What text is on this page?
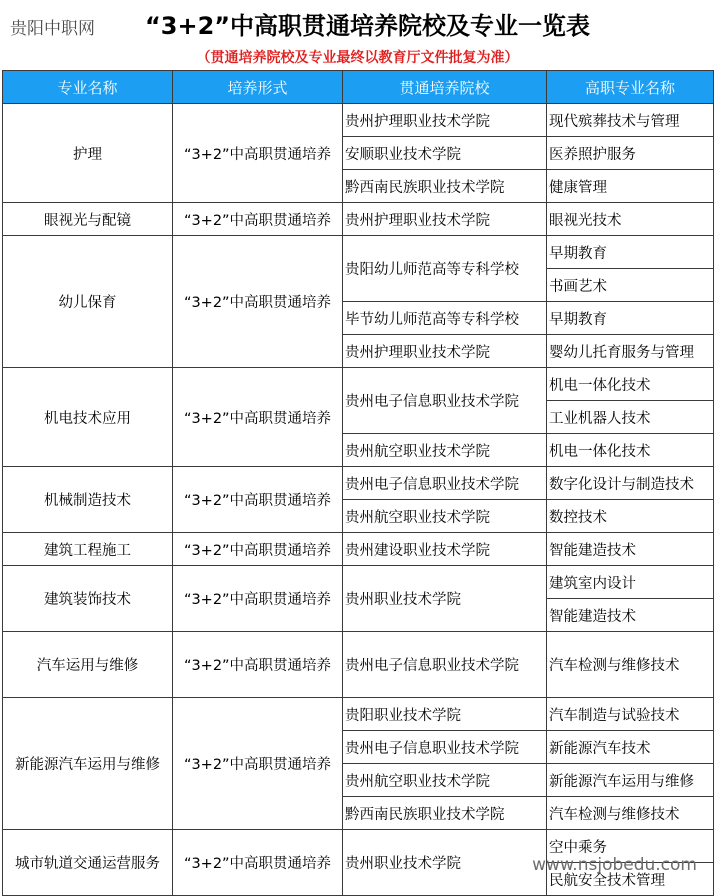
贵阳中职网 “3+2”中高职贯通培养院校及专业一览表
（贯通培养院校及专业最终以教育厅文件批复为准）
专业名称	培养形式	贯通培养院校	高职专业名称
护理	“3+2”中高职贯通培养	贵州护理职业技术学院	现代殡葬技术与管理
		安顺职业技术学院	医养照护服务
		黔西南民族职业技术学院	健康管理
眼视光与配镜	“3+2”中高职贯通培养	贵州护理职业技术学院	眼视光技术
幼儿保育	“3+2”中高职贯通培养	贵阳幼儿师范高等专科学校	早期教育
			书画艺术
		毕节幼儿师范高等专科学校	早期教育
		贵州护理职业技术学院	婴幼儿托育服务与管理
机电技术应用	“3+2”中高职贯通培养	贵州电子信息职业技术学院	机电一体化技术
			工业机器人技术
		贵州航空职业技术学院	机电一体化技术
机械制造技术	“3+2”中高职贯通培养	贵州电子信息职业技术学院	数字化设计与制造技术
		贵州航空职业技术学院	数控技术
建筑工程施工	“3+2”中高职贯通培养	贵州建设职业技术学院	智能建造技术
建筑装饰技术	“3+2”中高职贯通培养	贵州职业技术学院	建筑室内设计
			智能建造技术
汽车运用与维修	“3+2”中高职贯通培养	贵州电子信息职业技术学院	汽车检测与维修技术
新能源汽车运用与维修	“3+2”中高职贯通培养	贵阳职业技术学院	汽车制造与试验技术
		贵州电子信息职业技术学院	新能源汽车技术
		贵州航空职业技术学院	新能源汽车运用与维修
		黔西南民族职业技术学院	汽车检测与维修技术
城市轨道交通运营服务	“3+2”中高职贯通培养	贵州职业技术学院	空中乘务
			民航安全技术管理
www.nsjobedu.com
